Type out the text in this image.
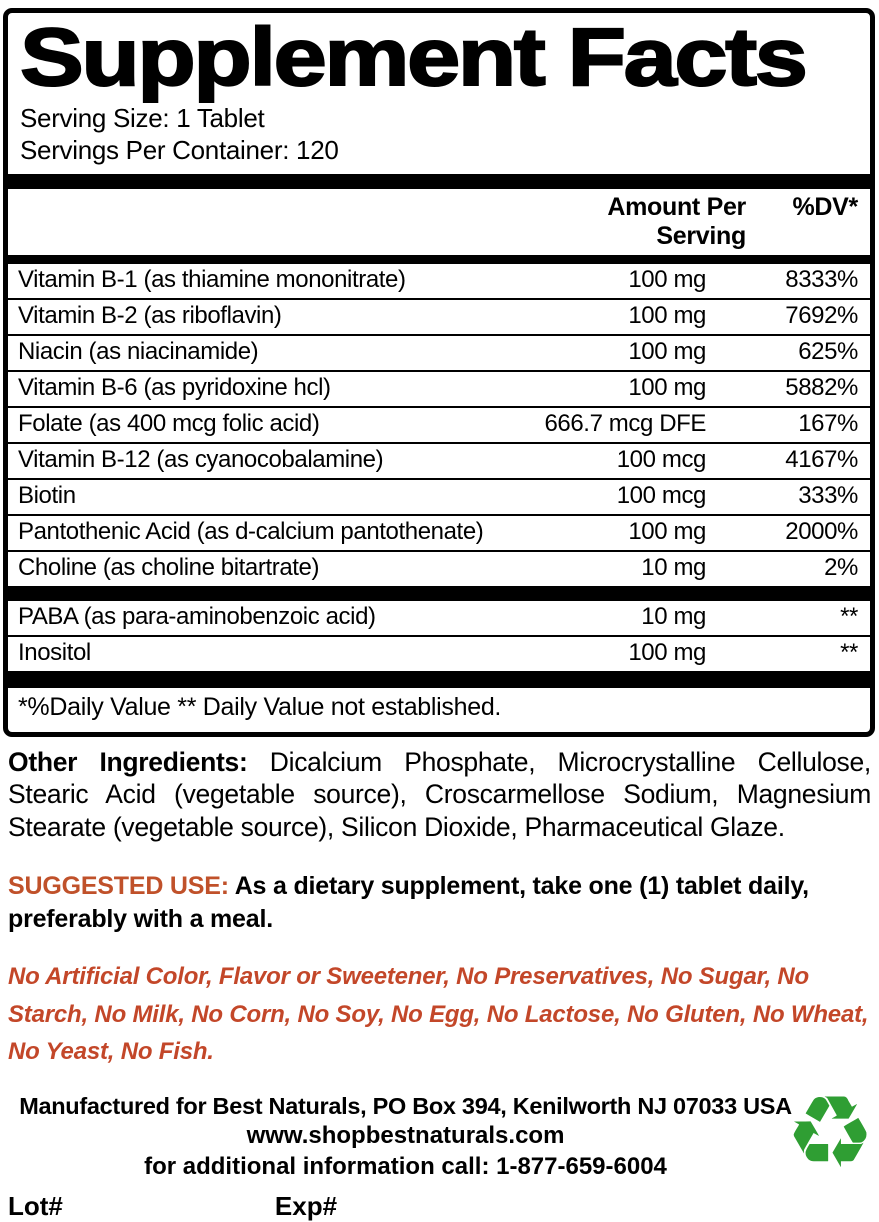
Supplement Facts
Serving Size: 1 Tablet
Servings Per Container: 120
Amount Per Serving
%DV*
Vitamin B-1 (as thiamine mononitrate)	100 mg	8333%
Vitamin B-2 (as riboflavin)	100 mg	7692%
Niacin (as niacinamide)	100 mg	625%
Vitamin B-6 (as pyridoxine hcl)	100 mg	5882%
Folate (as 400 mcg folic acid)	666.7 mcg DFE	167%
Vitamin B-12 (as cyanocobalamine)	100 mcg	4167%
Biotin	100 mcg	333%
Pantothenic Acid (as d-calcium pantothenate)	100 mg	2000%
Choline (as choline bitartrate)	10 mg	2%
PABA (as para-aminobenzoic acid)	10 mg	**
Inositol	100 mg	**
*%Daily Value ** Daily Value not established.

Other Ingredients: Dicalcium Phosphate, Microcrystalline Cellulose, Stearic Acid (vegetable source), Croscarmellose Sodium, Magnesium Stearate (vegetable source), Silicon Dioxide, Pharmaceutical Glaze.

SUGGESTED USE: As a dietary supplement, take one (1) tablet daily, preferably with a meal.

No Artificial Color, Flavor or Sweetener, No Preservatives, No Sugar, No Starch, No Milk, No Corn, No Soy, No Egg, No Lactose, No Gluten, No Wheat, No Yeast, No Fish.

Manufactured for Best Naturals, PO Box 394, Kenilworth NJ 07033 USA
www.shopbestnaturals.com
for additional information call: 1-877-659-6004	♻
Lot#	Exp#
